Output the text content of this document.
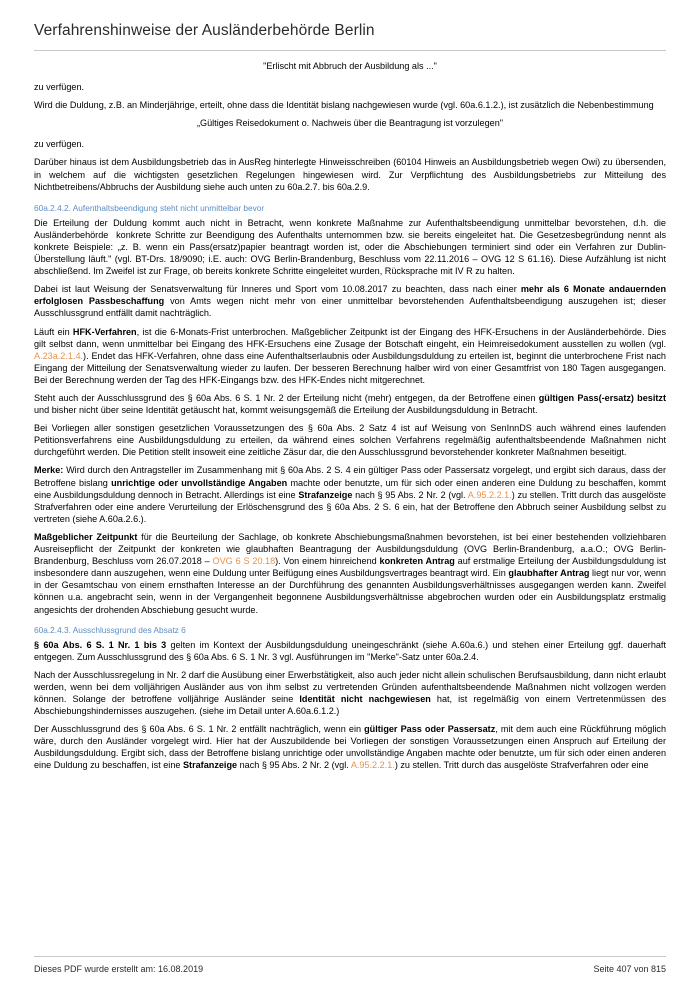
Verfahrenshinweise der Ausländerbehörde Berlin

"Erlischt mit Abbruch der Ausbildung als ..."

zu verfügen.

Wird die Duldung, z.B. an Minderjährige, erteilt, ohne dass die Identität bislang nachgewiesen wurde (vgl. 60a.6.1.2.), ist zusätzlich die Nebenbestimmung

„Gültiges Reisedokument o. Nachweis über die Beantragung ist vorzulegen"

zu verfügen.

Darüber hinaus ist dem Ausbildungsbetrieb das in AusReg hinterlegte Hinweisschreiben (60104 Hinweis an Ausbildungsbetrieb wegen Owi) zu übersenden, in welchem auf die wichtigsten gesetzlichen Regelungen hingewiesen wird. Zur Verpflichtung des Ausbildungsbetriebs zur Mitteilung des Nichtbetreibens/Abbruchs der Ausbildung siehe auch unten zu 60a.2.7. bis 60a.2.9.

60a.2.4.2. Aufenthaltsbeendigung steht nicht unmittelbar bevor

Die Erteilung der Duldung kommt auch nicht in Betracht, wenn konkrete Maßnahme zur Aufenthaltsbeendigung unmittelbar bevorstehen, d.h. die Ausländerbehörde  konkrete Schritte zur Beendigung des Aufenthalts unternommen bzw. sie bereits eingeleitet hat. Die Gesetzesbegründung nennt als konkrete Beispiele: „z. B. wenn ein Pass(ersatz)papier beantragt worden ist, oder die Abschiebungen terminiert sind oder ein Verfahren zur Dublin-Überstellung läuft." (vgl. BT-Drs. 18/9090; i.E. auch: OVG Berlin-Brandenburg, Beschluss vom 22.11.2016 – OVG 12 S 61.16). Diese Aufzählung ist nicht abschließend. Im Zweifel ist zur Frage, ob bereits konkrete Schritte eingeleitet wurden, Rücksprache mit IV R zu halten.

Dabei ist laut Weisung der Senatsverwaltung für Inneres und Sport vom 10.08.2017 zu beachten, dass nach einer mehr als 6 Monate andauernden erfolglosen Passbeschaffung von Amts wegen nicht mehr von einer unmittelbar bevorstehenden Aufenthaltsbeendigung auszugehen ist; dieser Ausschlussgrund entfällt damit nachträglich.

Läuft ein HFK-Verfahren, ist die 6-Monats-Frist unterbrochen. Maßgeblicher Zeitpunkt ist der Eingang des HFK-Ersuchens in der Ausländerbehörde. Dies gilt selbst dann, wenn unmittelbar bei Eingang des HFK-Ersuchens eine Zusage der Botschaft eingeht, ein Heimreisedokument ausstellen zu wollen (vgl. A.23a.2.1.4.). Endet das HFK-Verfahren, ohne dass eine Aufenthaltserlaubnis oder Ausbildungsduldung zu erteilen ist, beginnt die unterbrochene Frist nach Eingang der Mitteilung der Senatsverwaltung wieder zu laufen. Der besseren Berechnung halber wird von einer Gesamtfrist von 180 Tagen ausgegangen. Bei der Berechnung werden der Tag des HFK-Eingangs bzw. des HFK-Endes nicht mitgerechnet.

Steht auch der Ausschlussgrund des § 60a Abs. 6 S. 1 Nr. 2 der Erteilung nicht (mehr) entgegen, da der Betroffene einen gültigen Pass(-ersatz) besitzt und bisher nicht über seine Identität getäuscht hat, kommt weisungsgemäß die Erteilung der Ausbildungsduldung in Betracht.

Bei Vorliegen aller sonstigen gesetzlichen Voraussetzungen des § 60a Abs. 2 Satz 4 ist auf Weisung von SenInnDS auch während eines laufenden Petitionsverfahrens eine Ausbildungsduldung zu erteilen, da während eines solchen Verfahrens regelmäßig aufenthaltsbeendende Maßnahmen nicht durchgeführt werden. Die Petition stellt insoweit eine zeitliche Zäsur dar, die den Ausschlussgrund bevorstehender konkreter Maßnahmen beseitigt.

Merke: Wird durch den Antragsteller im Zusammenhang mit § 60a Abs. 2 S. 4 ein gültiger Pass oder Passersatz vorgelegt, und ergibt sich daraus, dass der Betroffene bislang unrichtige oder unvollständige Angaben machte oder benutzte, um für sich oder einen anderen eine Duldung zu beschaffen, kommt eine Ausbildungsduldung dennoch in Betracht. Allerdings ist eine Strafanzeige nach § 95 Abs. 2 Nr. 2 (vgl. A.95.2.2.1.) zu stellen. Tritt durch das ausgelöste Strafverfahren oder eine andere Verurteilung der Erlöschensgrund des § 60a Abs. 2 S. 6 ein, hat der Betroffene den Abbruch seiner Ausbildung selbst zu vertreten (siehe A.60a.2.6.).

Maßgeblicher Zeitpunkt für die Beurteilung der Sachlage, ob konkrete Abschiebungsmaßnahmen bevorstehen, ist bei einer bestehenden vollziehbaren Ausreisepflicht der Zeitpunkt der konkreten wie glaubhaften Beantragung der Ausbildungsduldung (OVG Berlin-Brandenburg, a.a.O.; OVG Berlin-Brandenburg, Beschluss vom 26.07.2018 – OVG 6 S 20.18). Von einem hinreichend konkreten Antrag auf erstmalige Erteilung der Ausbildungsduldung ist insbesondere dann auszugehen, wenn eine Duldung unter Beifügung eines Ausbildungsvertrages beantragt wird. Ein glaubhafter Antrag liegt nur vor, wenn in der Gesamtschau von einem ernsthaften Interesse an der Durchführung des genannten Ausbildungsverhältnisses ausgegangen werden kann. Zweifel können u.a. angebracht sein, wenn in der Vergangenheit begonnene Ausbildungsverhältnisse abgebrochen wurden oder ein Ausbildungsplatz erstmalig angesichts der drohenden Abschiebung gesucht wurde.

60a.2.4.3. Ausschlussgrund des Absatz 6

§ 60a Abs. 6 S. 1 Nr. 1 bis 3 gelten im Kontext der Ausbildungsduldung uneingeschränkt (siehe A.60a.6.) und stehen einer Erteilung ggf. dauerhaft entgegen. Zum Ausschlussgrund des § 60a Abs. 6 S. 1 Nr. 3 vgl. Ausführungen im "Merke"-Satz unter 60a.2.4.

Nach der Ausschlussregelung in Nr. 2 darf die Ausübung einer Erwerbstätigkeit, also auch jeder nicht allein schulischen Berufsausbildung, dann nicht erlaubt werden, wenn bei dem volljährigen Ausländer aus von ihm selbst zu vertretenden Gründen aufenthaltsbeendende Maßnahmen nicht vollzogen werden können. Solange der betroffene volljährige Ausländer seine Identität nicht nachgewiesen hat, ist regelmäßig von einem Vertretenmüssen des Abschiebungshindernisses auszugehen. (siehe im Detail unter A.60a.6.1.2.)

Der Ausschlussgrund des § 60a Abs. 6 S. 1 Nr. 2 entfällt nachträglich, wenn ein gültiger Pass oder Passersatz, mit dem auch eine Rückführung möglich wäre, durch den Ausländer vorgelegt wird. Hier hat der Auszubildende bei Vorliegen der sonstigen Voraussetzungen einen Anspruch auf Erteilung der Ausbildungsduldung. Ergibt sich, dass der Betroffene bislang unrichtige oder unvollständige Angaben machte oder benutzte, um für sich oder einen anderen eine Duldung zu beschaffen, ist eine Strafanzeige nach § 95 Abs. 2 Nr. 2 (vgl. A.95.2.2.1.) zu stellen. Tritt durch das ausgelöste Strafverfahren oder eine

Dieses PDF wurde erstellt am: 16.08.2019	Seite 407 von 815
